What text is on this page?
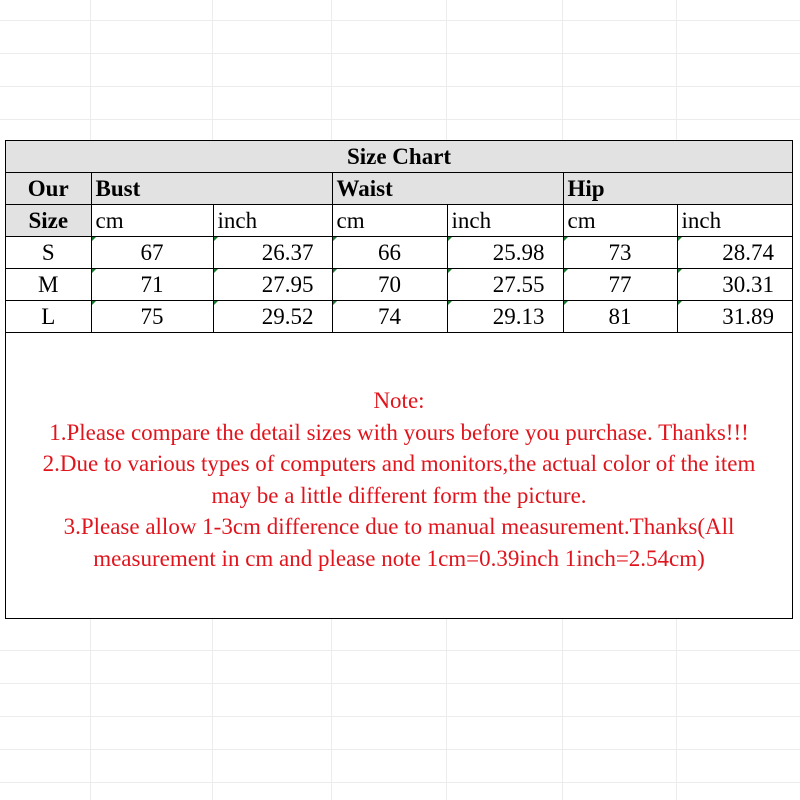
Size Chart						
Our	Bust		Waist		Hip	
Size	cm	inch	cm	inch	cm	inch
S	67	26.37	66	25.98	73	28.74
M	71	27.95	70	27.55	77	30.31
L	75	29.52	74	29.13	81	31.89
Note:
1.Please compare the detail sizes with yours before you purchase. Thanks!!!
2.Due to various types of computers and monitors,the actual color of the item
may be a little different form the picture.
3.Please allow 1-3cm difference due to manual measurement.Thanks(All
measurement in cm and please note 1cm=0.39inch 1inch=2.54cm)
